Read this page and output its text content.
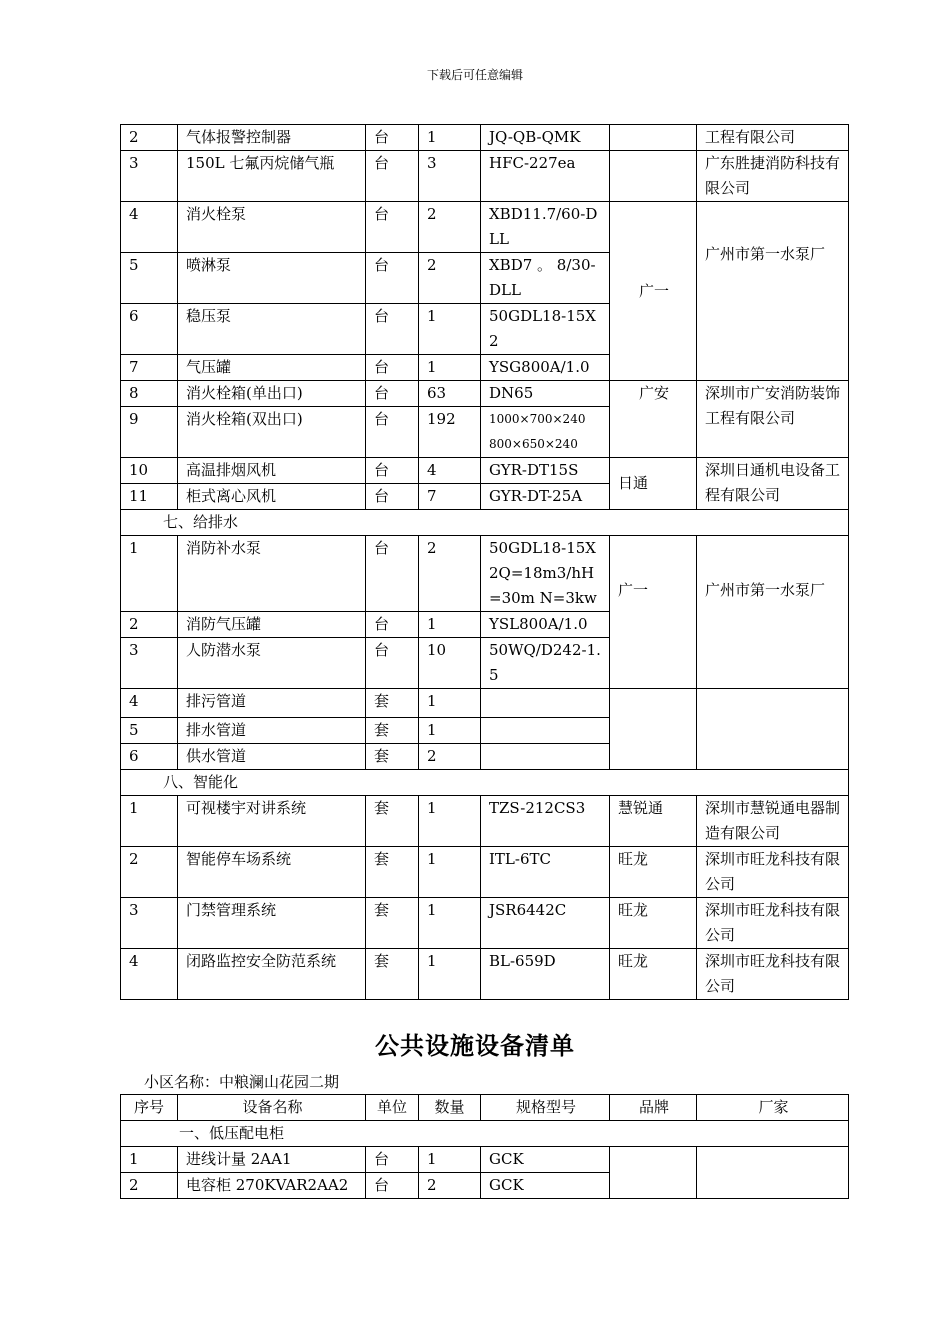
下载后可任意编辑
2	气体报警控制器	台	1	JQ-QB-QMK		工程有限公司
3	150L 七氟丙烷储气瓶	台	3	HFC-227ea		广东胜捷消防科技有限公司
4	消火栓泵	台	2	XBD11.7/60-DLL	广一	广州市第一水泵厂
5	喷淋泵	台	2	XBD7 。 8/30-DLL		
6	稳压泵	台	1	50GDL18-15X2		
7	气压罐	台	1	YSG800A/1.0		
8	消火栓箱(单出口)	台	63	DN65	广安	深圳市广安消防装饰工程有限公司
9	消火栓箱(双出口)	台	192	1000×700×240
800×650×240		

10	高温排烟风机	台	4	GYR-DT15S	日通	深圳日通机电设备工程有限公司
11	柜式离心风机	台	7	GYR-DT-25A		
七、给排水						
1	消防补水泵	台	2	50GDL18-15X2Q=18m3/hH=30m N=3kw	广一	广州市第一水泵厂
2	消防气压罐	台	1	YSL800A/1.0		
3	人防潜水泵	台	10	50WQ/D242-1.5		
4	排污管道	套	1			
5	排水管道	套	1			
6	供水管道	套	2			
八、智能化						
1	可视楼宇对讲系统	套	1	TZS-212CS3	慧锐通	深圳市慧锐通电器制造有限公司
2	智能停车场系统	套	1	ITL-6TC	旺龙	深圳市旺龙科技有限公司
3	门禁管理系统	套	1	JSR6442C	旺龙	深圳市旺龙科技有限公司
4	闭路监控安全防范系统	套	1	BL-659D	旺龙	深圳市旺龙科技有限公司
公共设施设备清单
小区名称：中粮澜山花园二期
序号	设备名称	单位	数量	规格型号	品牌	厂家
一、低压配电柜						
1	进线计量 2AA1	台	1	GCK		
2	电容柜 270KVAR2AA2	台	2	GCK		
